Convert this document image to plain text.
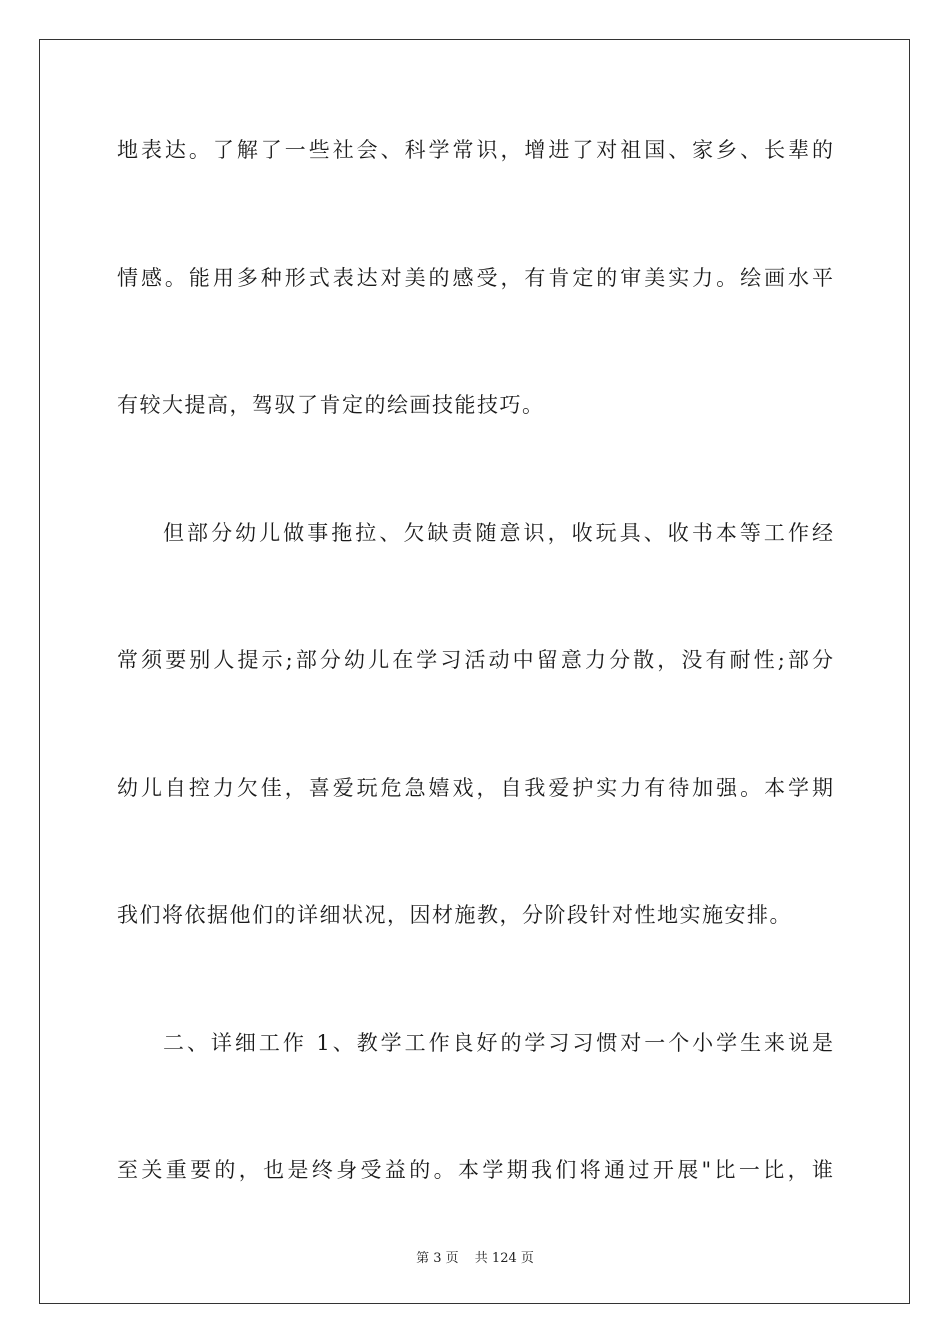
地表达。了解了一些社会、科学常识，增进了对祖国、家乡、长辈的
情感。能用多种形式表达对美的感受，有肯定的审美实力。绘画水平
有较大提高，驾驭了肯定的绘画技能技巧。
但部分幼儿做事拖拉、欠缺责随意识，收玩具、收书本等工作经
常须要别人提示;部分幼儿在学习活动中留意力分散，没有耐性;部分
幼儿自控力欠佳，喜爱玩危急嬉戏，自我爱护实力有待加强。本学期
我们将依据他们的详细状况，因材施教，分阶段针对性地实施安排。
二、详细工作 1、教学工作良好的学习习惯对一个小学生来说是
至关重要的，也是终身受益的。本学期我们将通过开展"比一比，谁
第 3 页 共 124 页
